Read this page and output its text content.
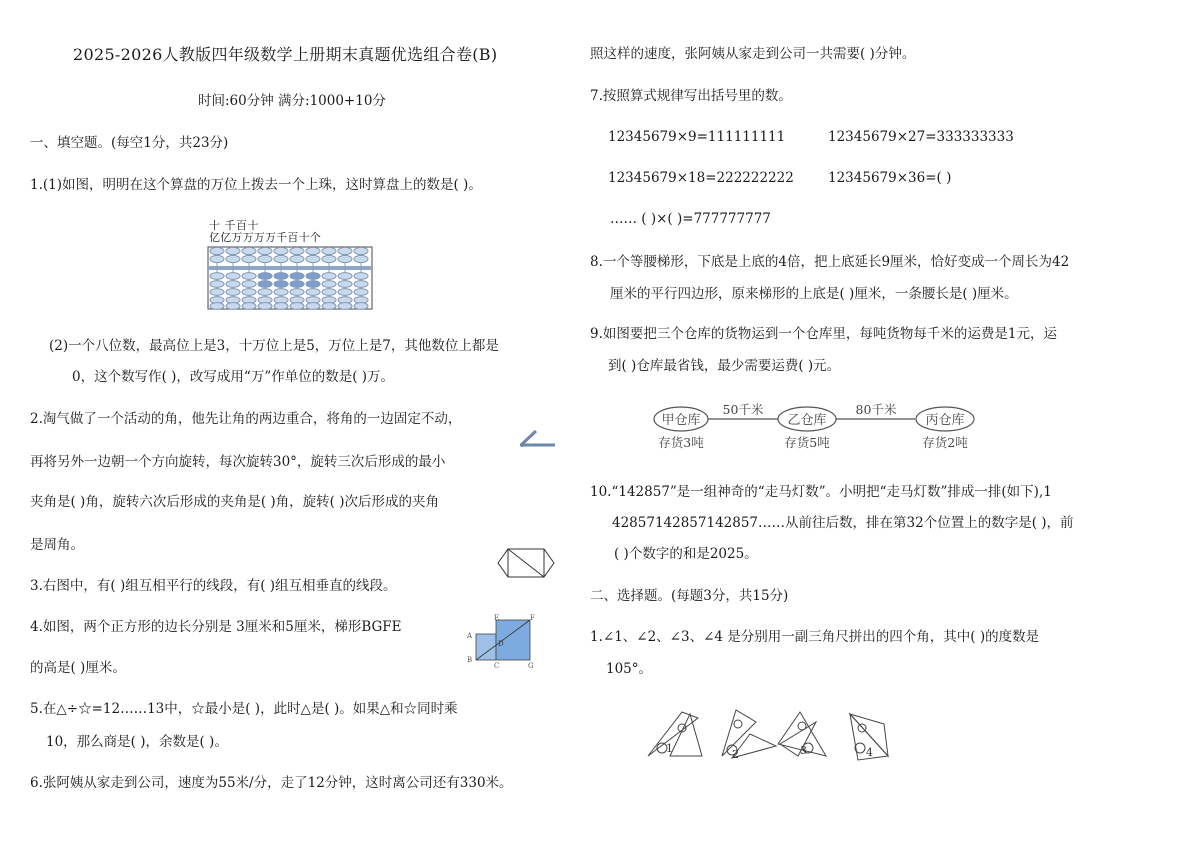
2025-2026人教版四年级数学上册期末真题优选组合卷(B)
时间:60分钟 满分:1000+10分
一、填空题。(每空1分，共23分)
1.(1)如图，明明在这个算盘的万位上拨去一个上珠，这时算盘上的数是( )。
十 千百十
亿亿万万万万千百十个
(2)一个八位数，最高位上是3，十万位上是5，万位上是7，其他数位上都是
0，这个数写作( )，改写成用“万”作单位的数是( )万。
2.淘气做了一个活动的角，他先让角的两边重合，将角的一边固定不动，
再将另外一边朝一个方向旋转，每次旋转30°，旋转三次后形成的最小
夹角是( )角，旋转六次后形成的夹角是( )角，旋转( )次后形成的夹角
是周角。
3.右图中，有( )组互相平行的线段，有( )组互相垂直的线段。
4.如图，两个正方形的边长分别是 3厘米和5厘米，梯形BGFE
A
B
E
D
C
F
G
的高是( )厘米。
5.在△÷☆=12……13中，☆最小是( )，此时△是( )。如果△和☆同时乘
10，那么商是( )，余数是( )。
6.张阿姨从家走到公司，速度为55米/分，走了12分钟，这时离公司还有330米。
照这样的速度，张阿姨从家走到公司一共需要( )分钟。
7.按照算式规律写出括号里的数。
12345679×9=111111111	12345679×27=333333333
12345679×18=222222222	12345679×36=( )
…… ( )×( )=777777777
8.一个等腰梯形，下底是上底的4倍，把上底延长9厘米，恰好变成一个周长为42
厘米的平行四边形，原来梯形的上底是( )厘米，一条腰长是( )厘米。
9.如图要把三个仓库的货物运到一个仓库里，每吨货物每千米的运费是1元，运
到( )仓库最省钱，最少需要运费( )元。
甲仓库	乙仓库	丙仓库
50千米	80千米
存货3吨	存货5吨	存货2吨
10.“142857”是一组神奇的“走马灯数”。小明把“走马灯数”排成一排(如下),1
42857142857142857……从前往后数，排在第32个位置上的数字是( )，前
( )个数字的和是2025。
二、选择题。(每题3分，共15分)
1.∠1、∠2、∠3、∠4 是分别用一副三角尺拼出的四个角，其中( )的度数是
105°。
1	2	3	4
